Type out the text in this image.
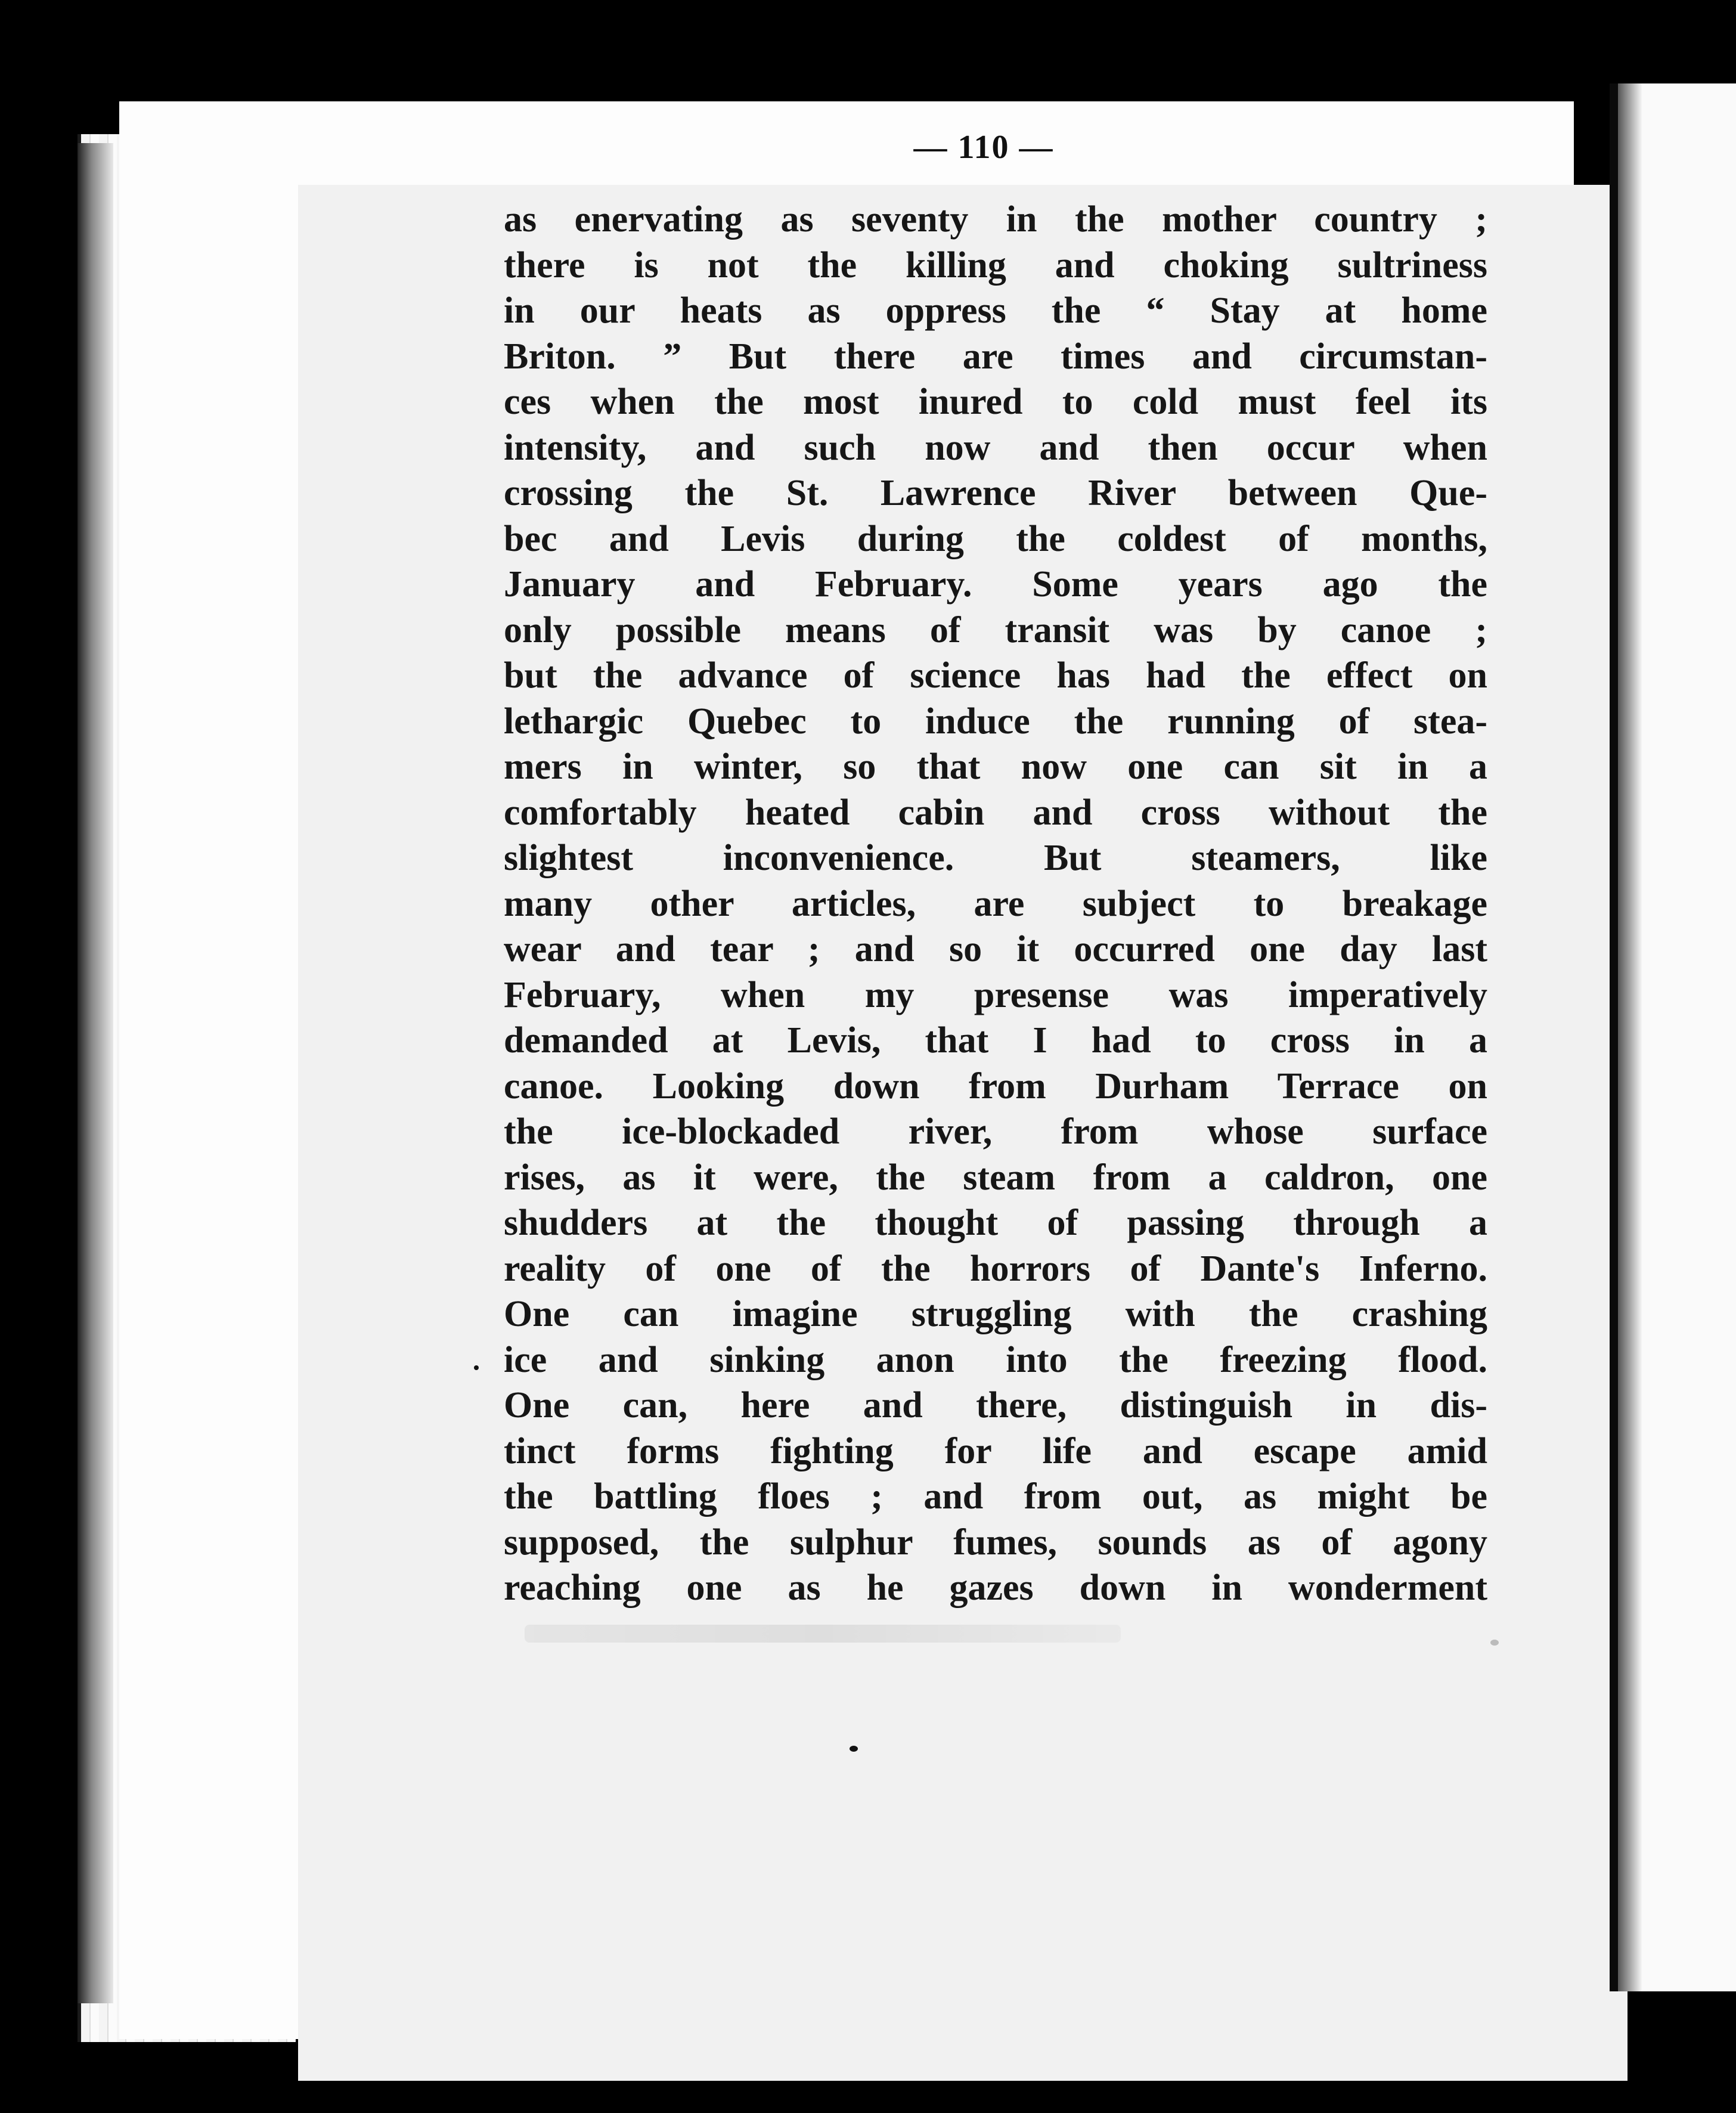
— 110 —
as enervating as seventy in the mother country ;
there is not the killing and choking sultriness
in our heats as oppress the “ Stay at home
Briton. ” But there are times and circumstan-
ces when the most inured to cold must feel its
intensity, and such now and then occur when
crossing the St. Lawrence River between Que-
bec and Levis during the coldest of months,
January and February. Some years ago the
only possible means of transit was by canoe ;
but the advance of science has had the effect on
lethargic Quebec to induce the running of stea-
mers in winter, so that now one can sit in a
comfortably heated cabin and cross without the
slightest inconvenience. But steamers, like
many other articles, are subject to breakage
wear and tear ; and so it occurred one day last
February, when my presense was imperatively
demanded at Levis, that I had to cross in a
canoe. Looking down from Durham Terrace on
the ice-blockaded river, from whose surface
rises, as it were, the steam from a caldron, one
shudders at the thought of passing through a
reality of one of the horrors of Dante's Inferno.
One can imagine struggling with the crashing
ice and sinking anon into the freezing flood.
One can, here and there, distinguish in dis-
tinct forms fighting for life and escape amid
the battling floes ; and from out, as might be
supposed, the sulphur fumes, sounds as of agony
reaching one as he gazes down in wonderment
